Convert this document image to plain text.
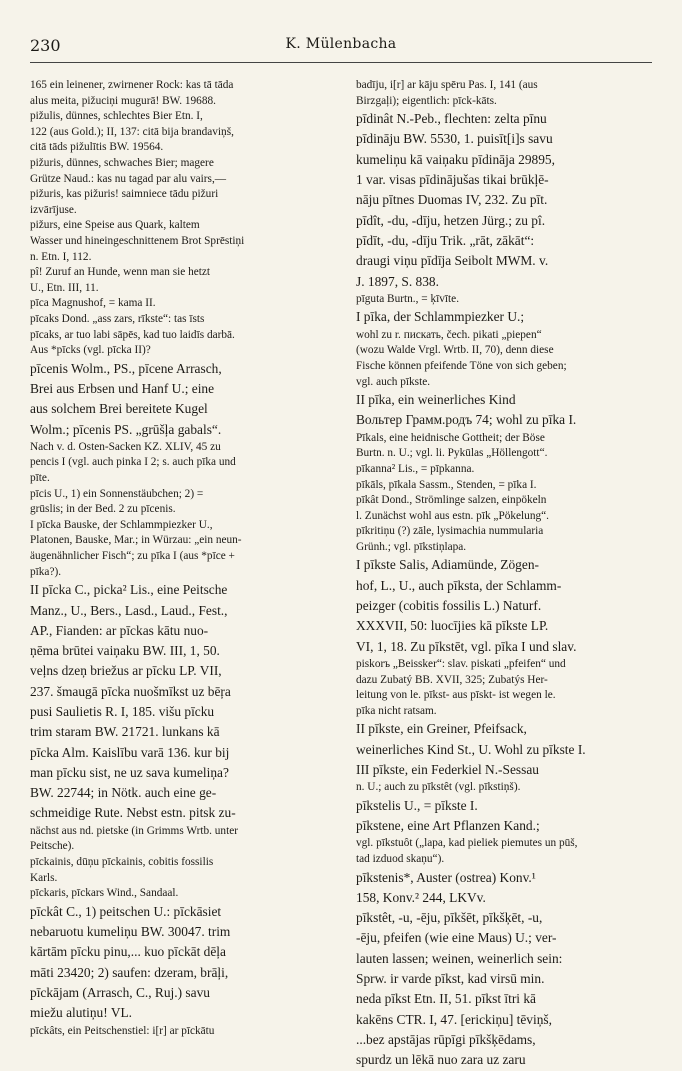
230	K. Mülenbacha
165 ein leinener, zwirnener Rock: kas tā tāda
alus meita, pižuciņi mugurā! BW. 19688.
pižulis, dünnes, schlechtes Bier Etn. I,
122 (aus Gold.); II, 137: citā bija brandaviņš,
citā tāds pižulītis BW. 19564.
pižuris, dünnes, schwaches Bier; magere
Grütze Naud.: kas nu tagad par alu vairs,—
pižuris, kas pižuris! saimniece tādu pižuri
izvārījuse.
pižurs, eine Speise aus Quark, kaltem
Wasser und hineingeschnittenem Brot Sprēstiņi
n. Etn. I, 112.
pî! Zuruf an Hunde, wenn man sie hetzt
U., Etn. III, 11.
pīca Magnushof, = kama II.
pīcaks Dond. „ass zars, rīkste“: tas īsts
pīcaks, ar tuo labi sāpēs, kad tuo laidīs darbā.
Aus *pīcks (vgl. pīcka II)?
pīcenis Wolm., PS., pīcene Arrasch,
Brei aus Erbsen und Hanf U.; eine
aus solchem Brei bereitete Kugel
Wolm.; pīcenis PS. „grūšļa gabals“.
Nach v. d. Osten-Sacken KZ. XLIV, 45 zu
pencis I (vgl. auch pinka I 2; s. auch pīka und
pīte.
pīcis U., 1) ein Sonnenstäubchen; 2) =
grūslis; in der Bed. 2 zu pīcenis.
I pīcka Bauske, der Schlammpiezker U.,
Platonen, Bauske, Mar.; in Würzau: „ein neun-
äugenähnlicher Fisch“; zu pīka I (aus *pīce +
pīka?).
II pīcka C., picka² Lis., eine Peitsche
Manz., U., Bers., Lasd., Laud., Fest.,
AP., Fianden: ar pīckas kātu nuo-
ņēma brūtei vaiņaku BW. III, 1, 50.
veļns dzeņ briežus ar pīcku LP. VII,
237. šmaugā pīcka nuošmīkst uz bēŗa
pusi Saulietis R. I, 185. višu pīcku
trim staram BW. 21721. lunkans kā
pīcka Alm. Kaislību varā 136. kur bij
man pīcku sist, ne uz sava kumeliņa?
BW. 22744; in Nötk. auch eine ge-
schmeidige Rute. Nebst estn. pitsk zu-
nächst aus nd. pietske (in Grimms Wrtb. unter
Peitsche).
pīckainis, dūņu pīckainis, cobitis fossilis
Karls.
pīckaris, pīckars Wind., Sandaal.
pīckât C., 1) peitschen U.: pīckāsiet
nebaruotu kumeliņu BW. 30047. trim
kārtām pīcku pinu,... kuo pīckāt dēļa
māti 23420; 2) saufen: dzeram, brāļi,
pīckājam (Arrasch, C., Ruj.) savu
miežu alutiņu! VL.
pīckâts, ein Peitschenstiel: i[r] ar pīckātu
badīju, i[r] ar kāju spēru Pas. I, 141 (aus
Birzgaļi); eigentlich: pīck-kāts.
pīdinât N.-Peb., flechten: zelta pīnu
pīdināju BW. 5530, 1. puisīt[i]s savu
kumeliņu kā vaiņaku pīdināja 29895,
1 var. visas pīdinājušas tikai brūkļē-
nāju pītnes Duomas IV, 232. Zu pīt.
pīdît, -du, -dīju, hetzen Jürg.; zu pî.
pīdīt, -du, -dīju Trik. „rāt, zākāt“:
draugi viņu pīdīja Seibolt MWM. v.
J. 1897, S. 838.
pīguta Burtn., = ķīvīte.
I pīka, der Schlammpiezker U.;
wohl zu r. пискать, čech. pikati „piepen“
(wozu Walde Vrgl. Wrtb. II, 70), denn diese
Fische können pfeifende Töne von sich geben;
vgl. auch pīkste.
II pīka, ein weinerliches Kind
Вольтер Грамм.родъ 74; wohl zu pīka I.
Pīkals, eine heidnische Gottheit; der Böse
Burtn. n. U.; vgl. li. Pykūlas „Höllengott“.
pīkanna² Lis., = pīpkanna.
pīkāls, pīkala Sassm., Stenden, = pīka I.
pīkât Dond., Strömlinge salzen, einpökeln
l. Zunächst wohl aus estn. pīk „Pökelung“.
pīkritiņu (?) zāle, lysimachia nummularia
Grünh.; vgl. pīkstiņlapa.
I pīkste Salis, Adiamünde, Zögen-
hof, L., U., auch pīksta, der Schlamm-
peizger (cobitis fossilis L.) Naturf.
XXXVII, 50: luocījies kā pīkste LP.
VI, 1, 18. Zu pīkstēt, vgl. pīka I und slav.
piskorъ „Beissker“: slav. piskati „pfeifen“ und
dazu Zubatý BB. XVII, 325; Zubatýs Her-
leitung von le. pīkst- aus pīskt- ist wegen le.
pīka nicht ratsam.
II pīkste, ein Greiner, Pfeifsack,
weinerliches Kind St., U. Wohl zu pīkste I.
III pīkste, ein Federkiel N.-Sessau
n. U.; auch zu pīkstêt (vgl. pīkstiņš).
pīkstelis U., = pīkste I.
pīkstene, eine Art Pflanzen Kand.;
vgl. pīkstuôt („lapa, kad pieliek piemutes un pūš,
tad izduod skaņu“).
pīkstenis*, Auster (ostrea) Konv.¹
158, Konv.² 244, LKVv.
pīkstêt, -u, -ēju, pīkšēt, pīkšķēt, -u,
-ēju, pfeifen (wie eine Maus) U.; ver-
lauten lassen; weinen, weinerlich sein:
Sprw. ir varde pīkst, kad virsū min.
neda pīkst Etn. II, 51. pīkst ītri kā
kakēns CTR. I, 47. [erickiņu] tēviņš,
...bez apstājas rūpīgi pīkšķēdams,
spurdz un lēkā nuo zara uz zaru
